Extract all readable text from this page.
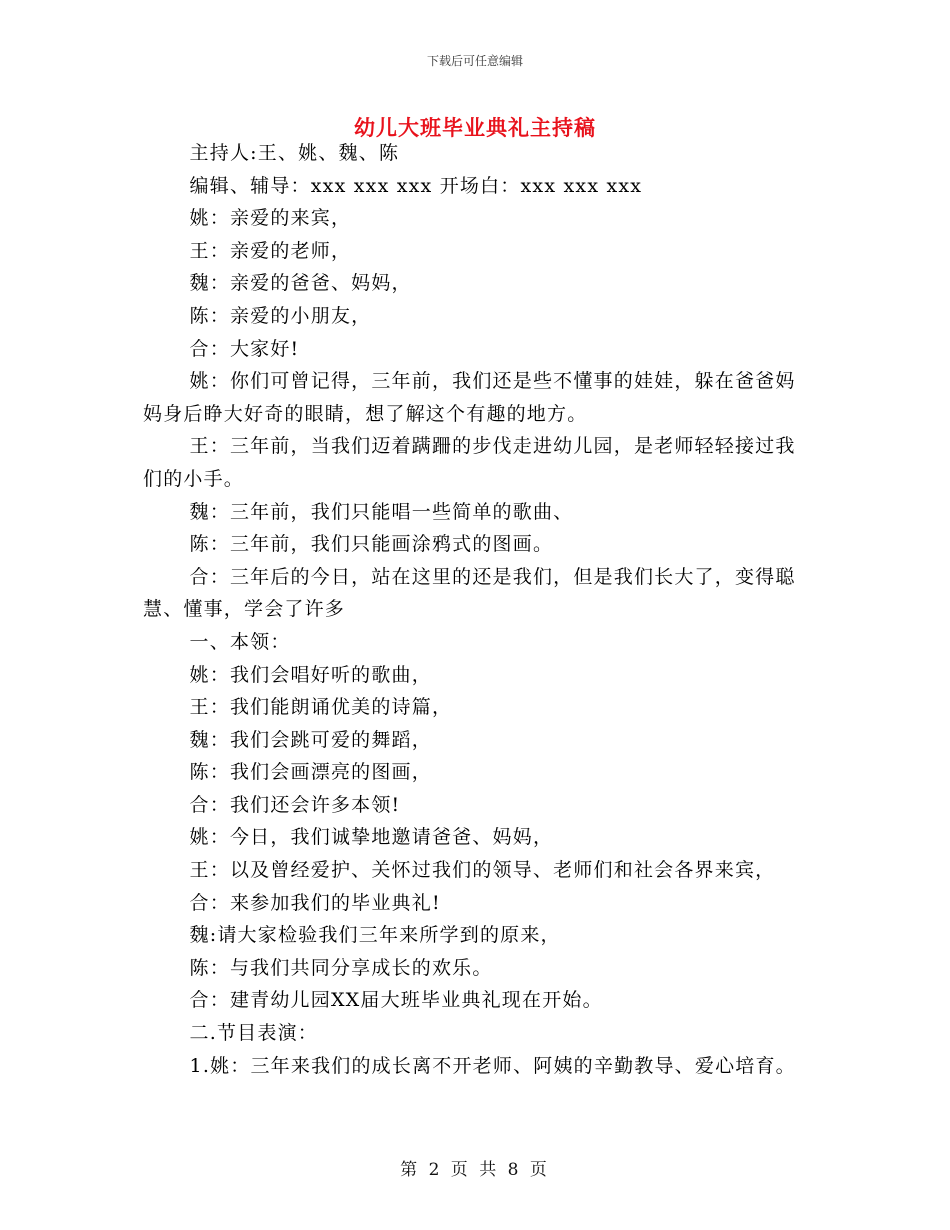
下载后可任意编辑
幼儿大班毕业典礼主持稿

主持人:王、姚、魏、陈

编辑、辅导：xxx xxx xxx 开场白：xxx xxx xxx

姚：亲爱的来宾，

王：亲爱的老师，

魏：亲爱的爸爸、妈妈，

陈：亲爱的小朋友，

合：大家好!

姚：你们可曾记得，三年前，我们还是些不懂事的娃娃，躲在爸爸妈妈身后睁大好奇的眼睛，想了解这个有趣的地方。

王：三年前，当我们迈着蹒跚的步伐走进幼儿园，是老师轻轻接过我们的小手。

魏：三年前，我们只能唱一些简单的歌曲、

陈：三年前，我们只能画涂鸦式的图画。

合：三年后的今日，站在这里的还是我们，但是我们长大了，变得聪慧、懂事，学会了许多

一、本领：

姚：我们会唱好听的歌曲，

王：我们能朗诵优美的诗篇，

魏：我们会跳可爱的舞蹈，

陈：我们会画漂亮的图画，

合：我们还会许多本领!

姚：今日，我们诚挚地邀请爸爸、妈妈，

王：以及曾经爱护、关怀过我们的领导、老师们和社会各界来宾，

合：来参加我们的毕业典礼!

魏:请大家检验我们三年来所学到的原来，

陈：与我们共同分享成长的欢乐。

合：建青幼儿园XX届大班毕业典礼现在开始。

二.节目表演：

1.姚：三年来我们的成长离不开老师、阿姨的辛勤教导、爱心培育。

第 2 页 共 8 页
